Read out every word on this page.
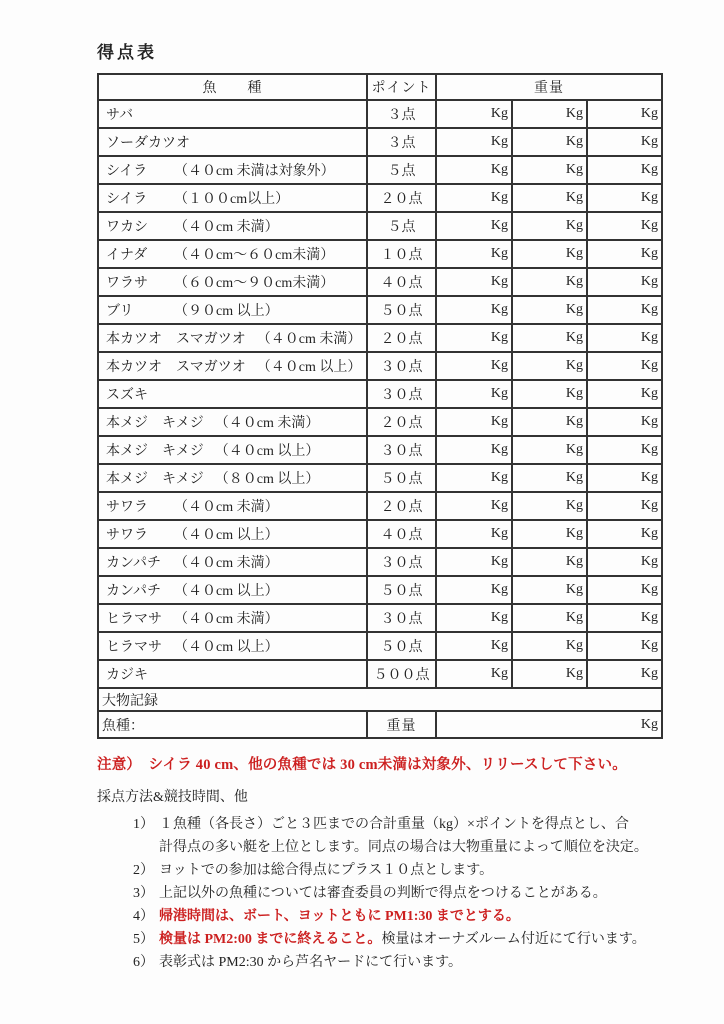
得点表
魚　　種	ポイント	重量		
サバ	３点	Kg	Kg	Kg
ソーダカツオ	３点	Kg	Kg	Kg
シイラ （４０cm 未満は対象外）	５点	Kg	Kg	Kg
シイラ （１００cm以上）	２０点	Kg	Kg	Kg
ワカシ （４０cm 未満）	５点	Kg	Kg	Kg
イナダ （４０cm～６０cm未満）	１０点	Kg	Kg	Kg
ワラサ （６０cm～９０cm未満）	４０点	Kg	Kg	Kg
ブリ （９０cm 以上）	５０点	Kg	Kg	Kg
本カツオ　スマガツオ （４０cm 未満）	２０点	Kg	Kg	Kg
本カツオ　スマガツオ （４０cm 以上）	３０点	Kg	Kg	Kg
スズキ	３０点	Kg	Kg	Kg
本メジ　キメジ （４０cm 未満）	２０点	Kg	Kg	Kg
本メジ　キメジ （４０cm 以上）	３０点	Kg	Kg	Kg
本メジ　キメジ （８０cm 以上）	５０点	Kg	Kg	Kg
サワラ （４０cm 未満）	２０点	Kg	Kg	Kg
サワラ （４０cm 以上）	４０点	Kg	Kg	Kg
カンパチ （４０cm 未満）	３０点	Kg	Kg	Kg
カンパチ （４０cm 以上）	５０点	Kg	Kg	Kg
ヒラマサ （４０cm 未満）	３０点	Kg	Kg	Kg
ヒラマサ （４０cm 以上）	５０点	Kg	Kg	Kg
カジキ	５００点	Kg	Kg	Kg
大物記録				
魚種：	重量	Kg		

注意）　シイラ 40 cm、他の魚種では 30 cm未満は対象外、リリースして下さい。

採点方法&競技時間、他

1） １魚種（各長さ）ごと３匹までの合計重量（kg）×ポイントを得点とし、合
計得点の多い艇を上位とします。同点の場合は大物重量によって順位を決定。
2） ヨットでの参加は総合得点にプラス１０点とします。
3） 上記以外の魚種については審査委員の判断で得点をつけることがある。
4） 帰港時間は、ボート、ヨットともに PM1:30 までとする。
5） 検量は PM2:00 までに終えること。検量はオーナズルーム付近にて行います。
6） 表彰式は PM2:30 から芦名ヤードにて行います。
